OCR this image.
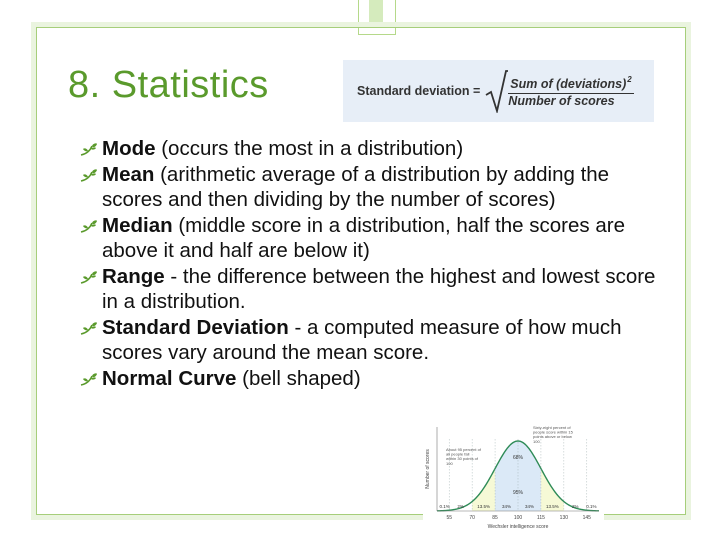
8. Statistics	Standard deviation = $\frac{Sum of (deviations)^2}{\text{Number of scores}}$
Mode (occurs the most in a distribution)
Mean (arithmetic average of a distribution by adding the scores and then dividing by the number of scores)
Median (middle score in a distribution, half the scores are above it and half are below it)
Range - the difference between the highest and lowest score in a distribution.
Standard Deviation - a computed measure of how much scores vary around the mean score.
Normal Curve (bell shaped)
55	70	85	100	115	130	145
0.1% 2%	13.5%	34%	34%	13.5%	2% 0.1%
68%
95%
Wechsler intelligence score
Number of scores	About 95 percent of all people fall within 30 points of 100
Sixty-eight percent of people score within 15 points above or below 100
